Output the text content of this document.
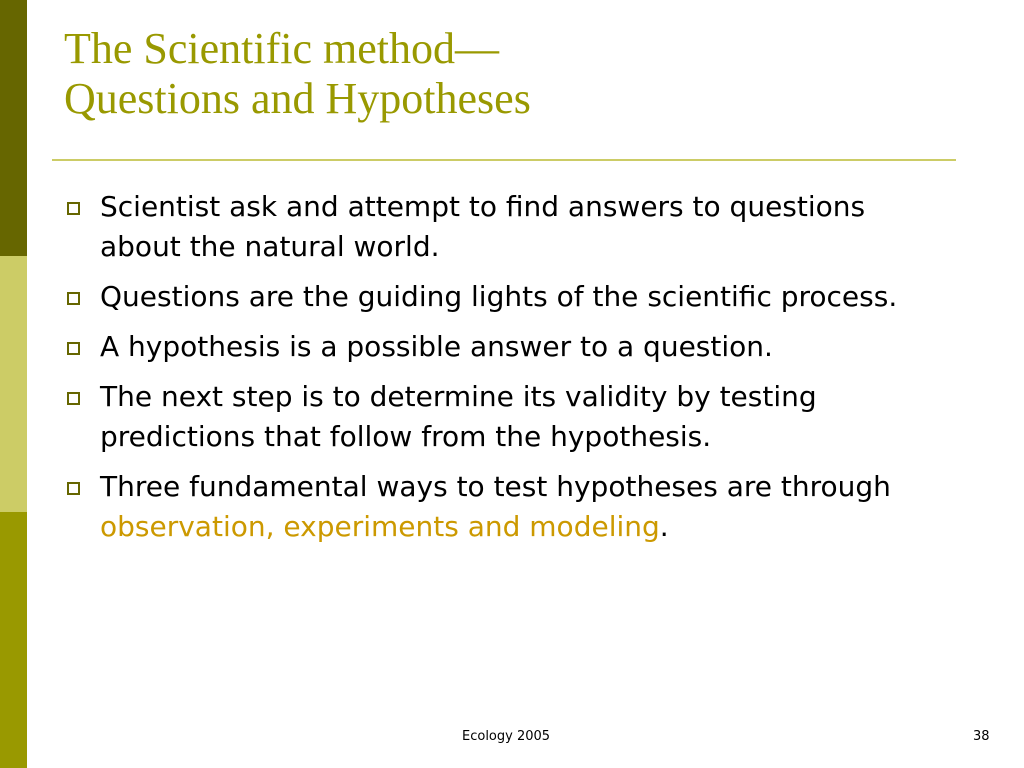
The Scientific method—
Questions and Hypotheses
Scientist ask and attempt to find answers to questions about the natural world.
Questions are the guiding lights of the scientific process.
A hypothesis is a possible answer to a question.
The next step is to determine its validity by testing predictions that follow from the hypothesis.
Three fundamental ways to test hypotheses are through observation, experiments and modeling.
Ecology 2005	38
